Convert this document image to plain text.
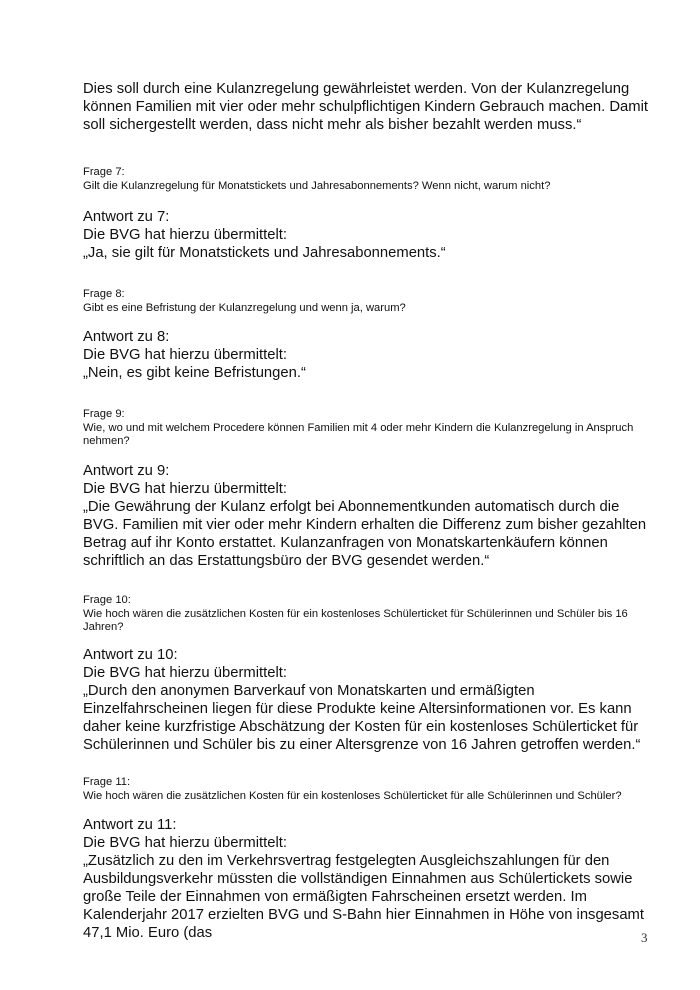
Dies soll durch eine Kulanzregelung gewährleistet werden. Von der Kulanzregelung können Familien mit vier oder mehr schulpflichtigen Kindern Gebrauch machen. Damit soll sichergestellt werden, dass nicht mehr als bisher bezahlt werden muss.“

Frage 7:

Gilt die Kulanzregelung für Monatstickets und Jahresabonnements? Wenn nicht, warum nicht?

Antwort zu 7:

Die BVG hat hierzu übermittelt:

„Ja, sie gilt für Monatstickets und Jahresabonnements.“

Frage 8:

Gibt es eine Befristung der Kulanzregelung und wenn ja, warum?

Antwort zu 8:

Die BVG hat hierzu übermittelt:

„Nein, es gibt keine Befristungen.“

Frage 9:

Wie, wo und mit welchem Procedere können Familien mit 4 oder mehr Kindern die Kulanzregelung in Anspruch nehmen?

Antwort zu 9:

Die BVG hat hierzu übermittelt:

„Die Gewährung der Kulanz erfolgt bei Abonnementkunden automatisch durch die BVG. Familien mit vier oder mehr Kindern erhalten die Differenz zum bisher gezahlten Betrag auf ihr Konto erstattet. Kulanzanfragen von Monatskartenkäufern können schriftlich an das Erstattungsbüro der BVG gesendet werden.“

Frage 10:

Wie hoch wären die zusätzlichen Kosten für ein kostenloses Schülerticket für Schülerinnen und Schüler bis 16 Jahren?

Antwort zu 10:

Die BVG hat hierzu übermittelt:

„Durch den anonymen Barverkauf von Monatskarten und ermäßigten Einzelfahrscheinen liegen für diese Produkte keine Altersinformationen vor. Es kann daher keine kurzfristige Abschätzung der Kosten für ein kostenloses Schülerticket für Schülerinnen und Schüler bis zu einer Altersgrenze von 16 Jahren getroffen werden.“

Frage 11:

Wie hoch wären die zusätzlichen Kosten für ein kostenloses Schülerticket für alle Schülerinnen und Schüler?

Antwort zu 11:

Die BVG hat hierzu übermittelt:

„Zusätzlich zu den im Verkehrsvertrag festgelegten Ausgleichszahlungen für den Ausbildungsverkehr müssten die vollständigen Einnahmen aus Schülertickets sowie große Teile der Einnahmen von ermäßigten Fahrscheinen ersetzt werden. Im Kalenderjahr 2017 erzielten BVG und S-Bahn hier Einnahmen in Höhe von insgesamt 47,1 Mio. Euro (das	3
